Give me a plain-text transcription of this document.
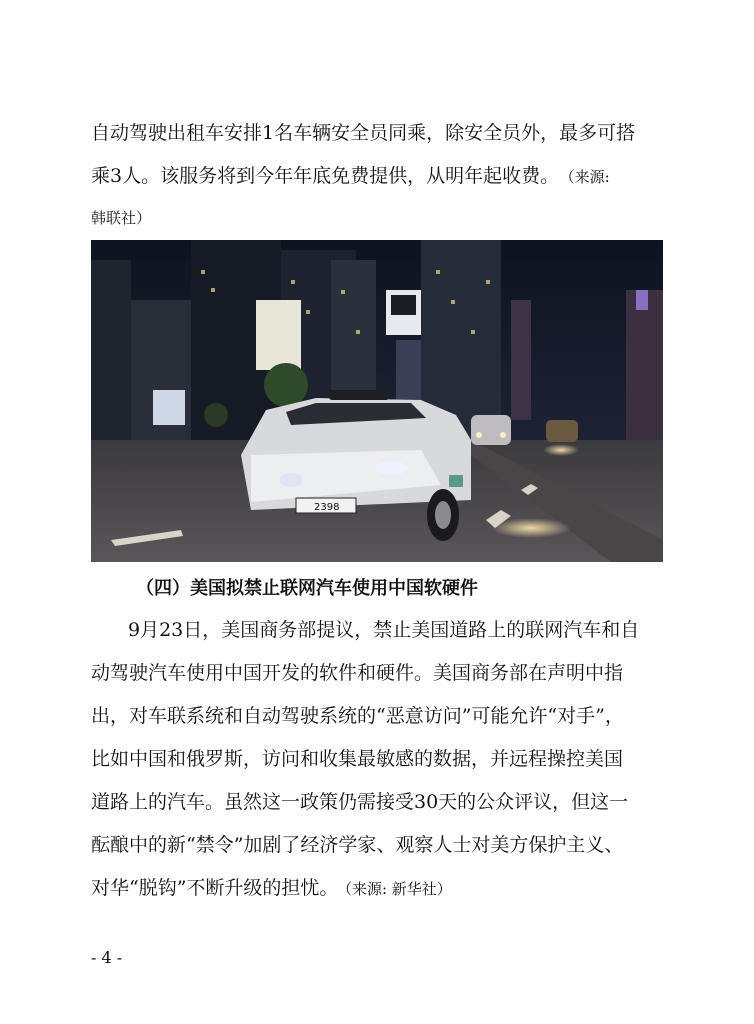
自动驾驶出租车安排1名车辆安全员同乘，除安全员外，最多可搭
乘3人。该服务将到今年年底免费提供，从明年起收费。 （来源:
韩联社）
2398
（四）美国拟禁止联网汽车使用中国软硬件
9月23日，美国商务部提议，禁止美国道路上的联网汽车和自
动驾驶汽车使用中国开发的软件和硬件。美国商务部在声明中指
出，对车联系统和自动驾驶系统的“恶意访问”可能允许“对手”，
比如中国和俄罗斯，访问和收集最敏感的数据，并远程操控美国
道路上的汽车。虽然这一政策仍需接受30天的公众评议，但这一
酝酿中的新“禁令”加剧了经济学家、观察人士对美方保护主义、
对华“脱钩”不断升级的担忧。 （来源: 新华社）
- 4 -
